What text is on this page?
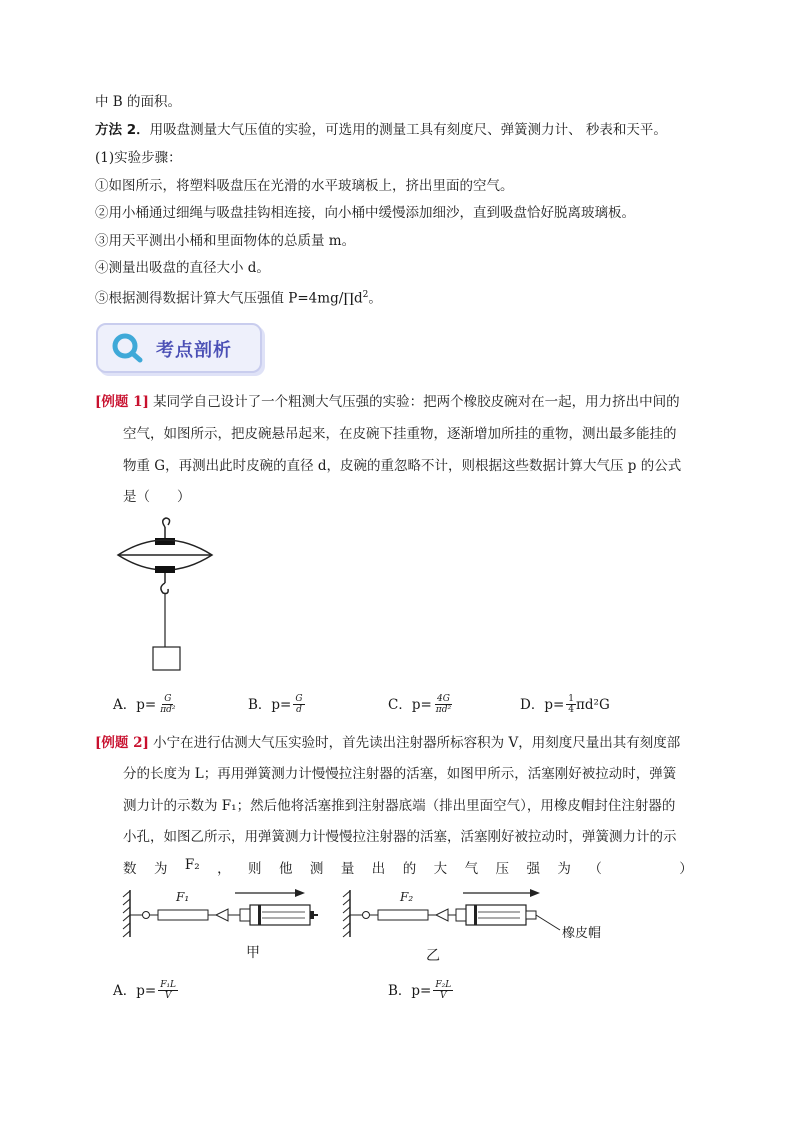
中 B 的面积。
方法 2．用吸盘测量大气压值的实验，可选用的测量工具有刻度尺、弹簧测力计、 秒表和天平。
(1)实验步骤：
①如图所示，将塑料吸盘压在光滑的水平玻璃板上，挤出里面的空气。
②用小桶通过细绳与吸盘挂钩相连接，向小桶中缓慢添加细沙，直到吸盘恰好脱离玻璃板。
③用天平测出小桶和里面物体的总质量 m。
④测量出吸盘的直径大小 d。
⑤根据测得数据计算大气压强值 $P=4mg/\prod d^2$。
考点剖析
[例题 1] 某同学自己设计了一个粗测大气压强的实验：把两个橡胶皮碗对在一起，用力挤出中间的
空气，如图所示，把皮碗悬吊起来，在皮碗下挂重物，逐渐增加所挂的重物，测出最多能挂的
物重 G，再测出此时皮碗的直径 d，皮碗的重忽略不计，则根据这些数据计算大气压 p 的公式
是（　　）
A．$p= \frac{G}{\text{πd²}}$	B．$p= \frac{G}{d}$	C．$p= \frac{4G}{\text{πd²}}$	D．$p= \frac{1}{4} \pi d^2G$
[例题 2] 小宁在进行估测大气压实验时，首先读出注射器所标容积为 V，用刻度尺量出其有刻度部
分的长度为 L；再用弹簧测力计慢慢拉注射器的活塞，如图甲所示，活塞刚好被拉动时，弹簧
测力计的示数为 F₁；然后他将活塞推到注射器底端（排出里面空气），用橡皮帽封住注射器的
小孔，如图乙所示，用弹簧测力计慢慢拉注射器的活塞，活塞刚好被拉动时，弹簧测力计的示
数 为 F₂ ， 则 他 测 量 出 的 大 气 压 强 为 （	）
F₁	F₂
橡皮帽
甲	乙
A．$p= \frac{\text{F₁L}}{V}$	B．$p= \frac{\text{F₂L}}{V}$
